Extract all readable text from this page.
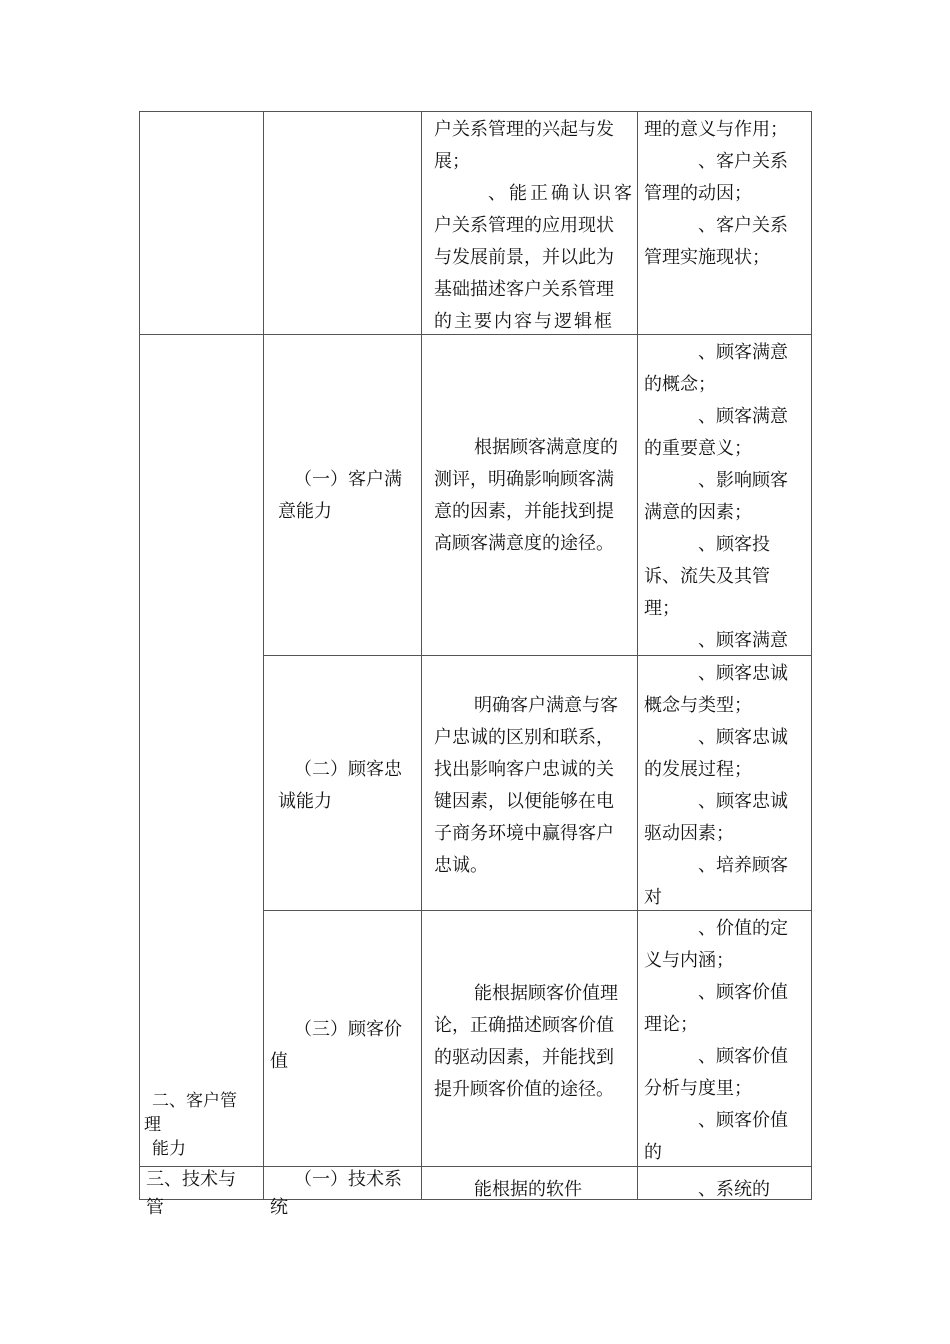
户关系管理的兴起与发

展；

、能正确认识客

户关系管理的应用现状

与发展前景，并以此为

基础描述客户关系管理

的主要内容与逻辑框

理的意义与作用；

、客户关系

管理的动因；

、客户关系

管理实施现状；

二、客户管

理

能力

（一）客户满

意能力

根据顾客满意度的

测评，明确影响顾客满

意的因素，并能找到提

高顾客满意度的途径。

、顾客满意

的概念；

、顾客满意

的重要意义；

、影响顾客

满意的因素；

、顾客投

诉、流失及其管

理；

、顾客满意

（二）顾客忠

诚能力

明确客户满意与客

户忠诚的区别和联系，

找出影响客户忠诚的关

键因素，以便能够在电

子商务环境中赢得客户

忠诚。

、顾客忠诚

概念与类型；

、顾客忠诚

的发展过程；

、顾客忠诚

驱动因素；

、培养顾客

对

（三）顾客价

值

能根据顾客价值理

论，正确描述顾客价值

的驱动因素，并能找到

提升顾客价值的途径。

、价值的定

义与内涵；

、顾客价值

理论；

、顾客价值

分析与度里；

、顾客价值

的

三、技术与

管

（一）技术系

统

能根据的软件	、系统的
